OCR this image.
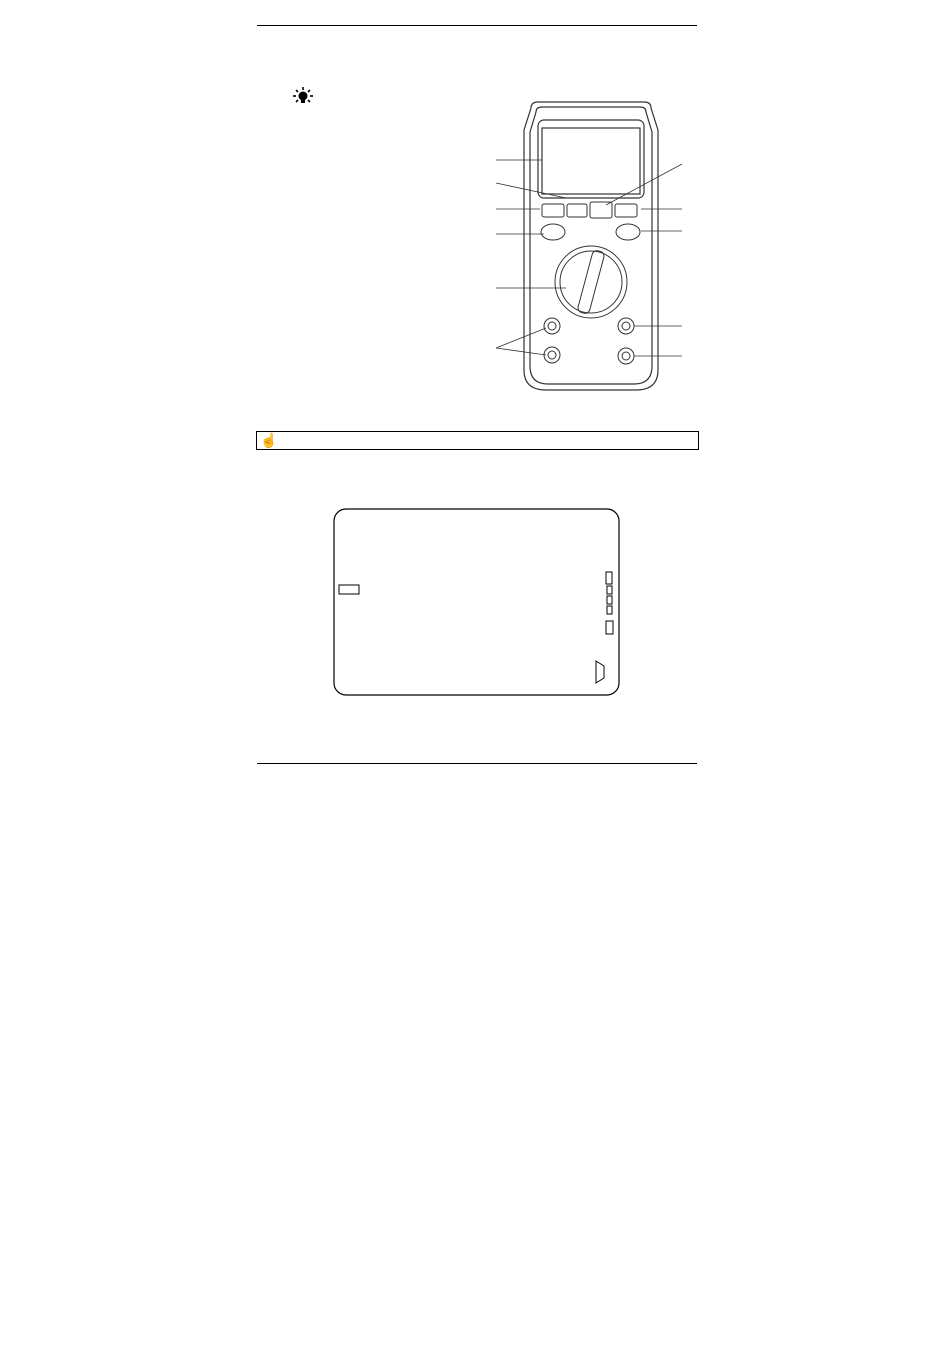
☝
